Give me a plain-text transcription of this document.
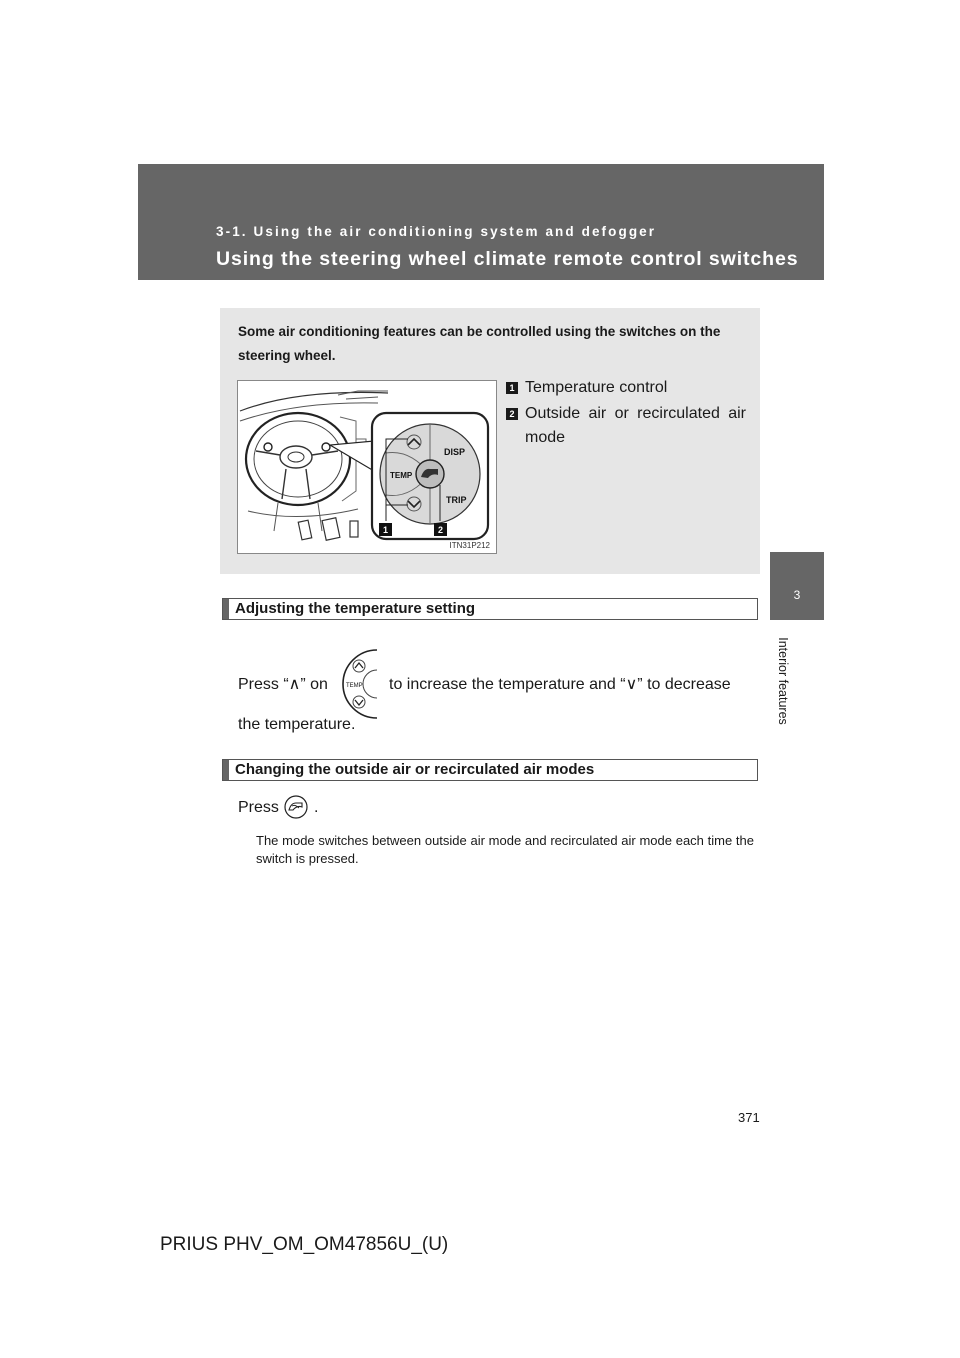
3-1. Using the air conditioning system and defogger
Using the steering wheel climate remote control switches
3
Interior features
Some air conditioning features can be controlled using the switches on the steering wheel.
TEMP
DISP
TRIP
1	2
ITN31P212
1 Temperature control
2 Outside air or recirculated air mode
Adjusting the temperature setting
Press “∧” on	TEMP to increase the temperature and “∨” to decrease
the temperature.
Changing the outside air or recirculated air modes
Press .
The mode switches between outside air mode and recirculated air mode each time the switch is pressed.
371
PRIUS PHV_OM_OM47856U_(U)
